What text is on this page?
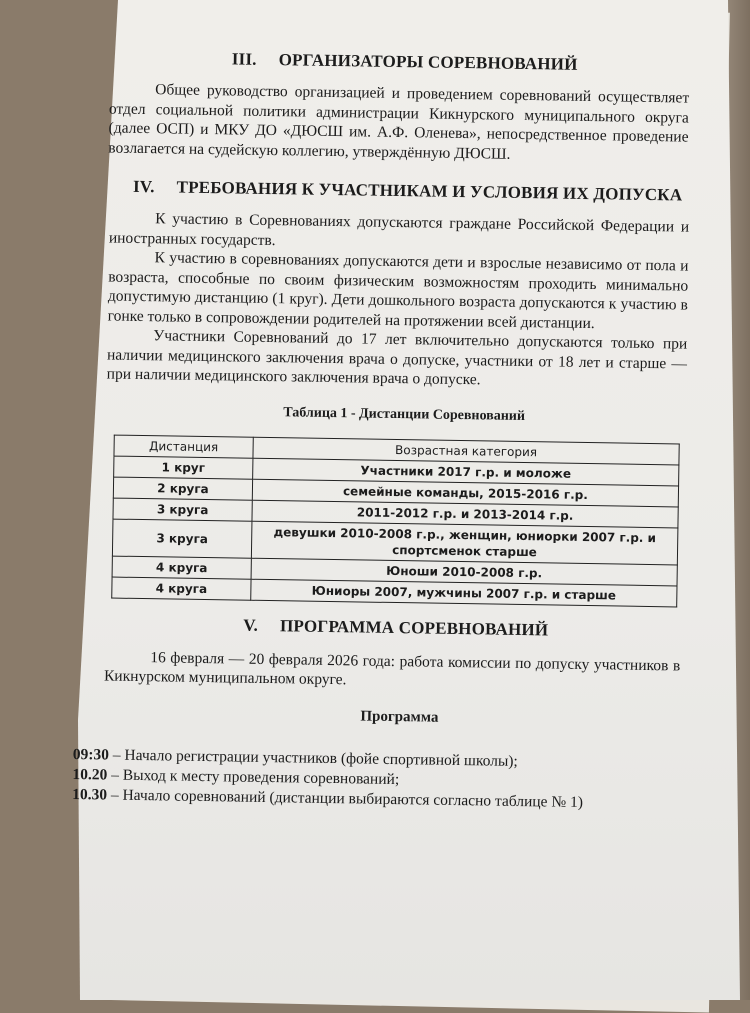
III. ОРГАНИЗАТОРЫ СОРЕВНОВАНИЙ

Общее руководство организацией и проведением соревнований осуществляет отдел социальной политики администрации Кикнурского муниципального округа (далее ОСП) и МКУ ДО «ДЮСШ им. А.Ф. Оленева», непосредственное проведение возлагается на судейскую коллегию, утверждённую ДЮСШ.

IV. ТРЕБОВАНИЯ К УЧАСТНИКАМ И УСЛОВИЯ ИХ ДОПУСКА

К участию в Соревнованиях допускаются граждане Российской Федерации и иностранных государств.

К участию в соревнованиях допускаются дети и взрослые независимо от пола и возраста, способные по своим физическим возможностям проходить минимально допустимую дистанцию (1 круг). Дети дошкольного возраста допускаются к участию в гонке только в сопровождении родителей на протяжении всей дистанции.

Участники Соревнований до 17 лет включительно допускаются только при наличии медицинского заключения врача о допуске, участники от 18 лет и старше — при наличии медицинского заключения врача о допуске.

Таблица 1 - Дистанции Соревнований
Дистанция	Возрастная категория
1 круг	Участники 2017 г.р. и моложе
2 круга	семейные команды, 2015-2016 г.р.
3 круга	2011-2012 г.р. и 2013-2014 г.р.
3 круга	девушки 2010-2008 г.р., женщин, юниорки 2007 г.р. и спортсменок старше
4 круга	Юноши 2010-2008 г.р.
4 круга	Юниоры 2007, мужчины 2007 г.р. и старше
V. ПРОГРАММА СОРЕВНОВАНИЙ

16 февраля — 20 февраля 2026 года: работа комиссии по допуску участников в Кикнурском муниципальном округе.

Программа
09:30 – Начало регистрации участников (фойе спортивной школы);
10.20 – Выход к месту проведения соревнований;
10.30 – Начало соревнований (дистанции выбираются согласно таблице № 1)
